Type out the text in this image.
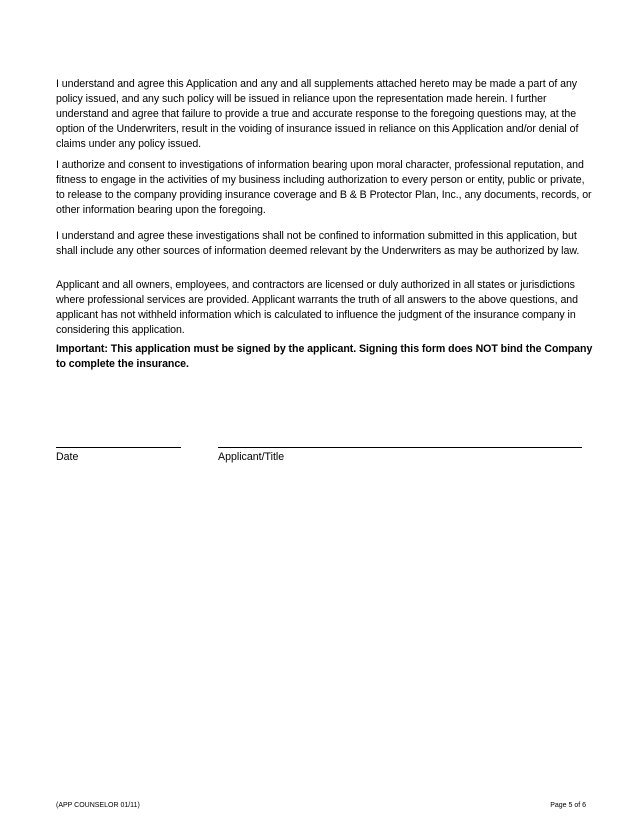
I understand and agree this Application and any and all supplements attached hereto may be made a part of any policy issued, and any such policy will be issued in reliance upon the representation made herein. I further understand and agree that failure to provide a true and accurate response to the foregoing questions may, at the option of the Underwriters, result in the voiding of insurance issued in reliance on this Application and/or denial of claims under any policy issued.

I authorize and consent to investigations of information bearing upon moral character, professional reputation, and fitness to engage in the activities of my business including authorization to every person or entity, public or private, to release to the company providing insurance coverage and B & B Protector Plan, Inc., any documents, records, or other information bearing upon the foregoing.

I understand and agree these investigations shall not be confined to information submitted in this application, but shall include any other sources of information deemed relevant by the Underwriters as may be authorized by law.

Applicant and all owners, employees, and contractors are licensed or duly authorized in all states or jurisdictions where professional services are provided. Applicant warrants the truth of all answers to the above questions, and applicant has not withheld information which is calculated to influence the judgment of the insurance company in considering this application.

Important: This application must be signed by the applicant. Signing this form does NOT bind the Company to complete the insurance.

Date	Applicant/Title
(APP COUNSELOR 01/11)	Page 5 of 6
